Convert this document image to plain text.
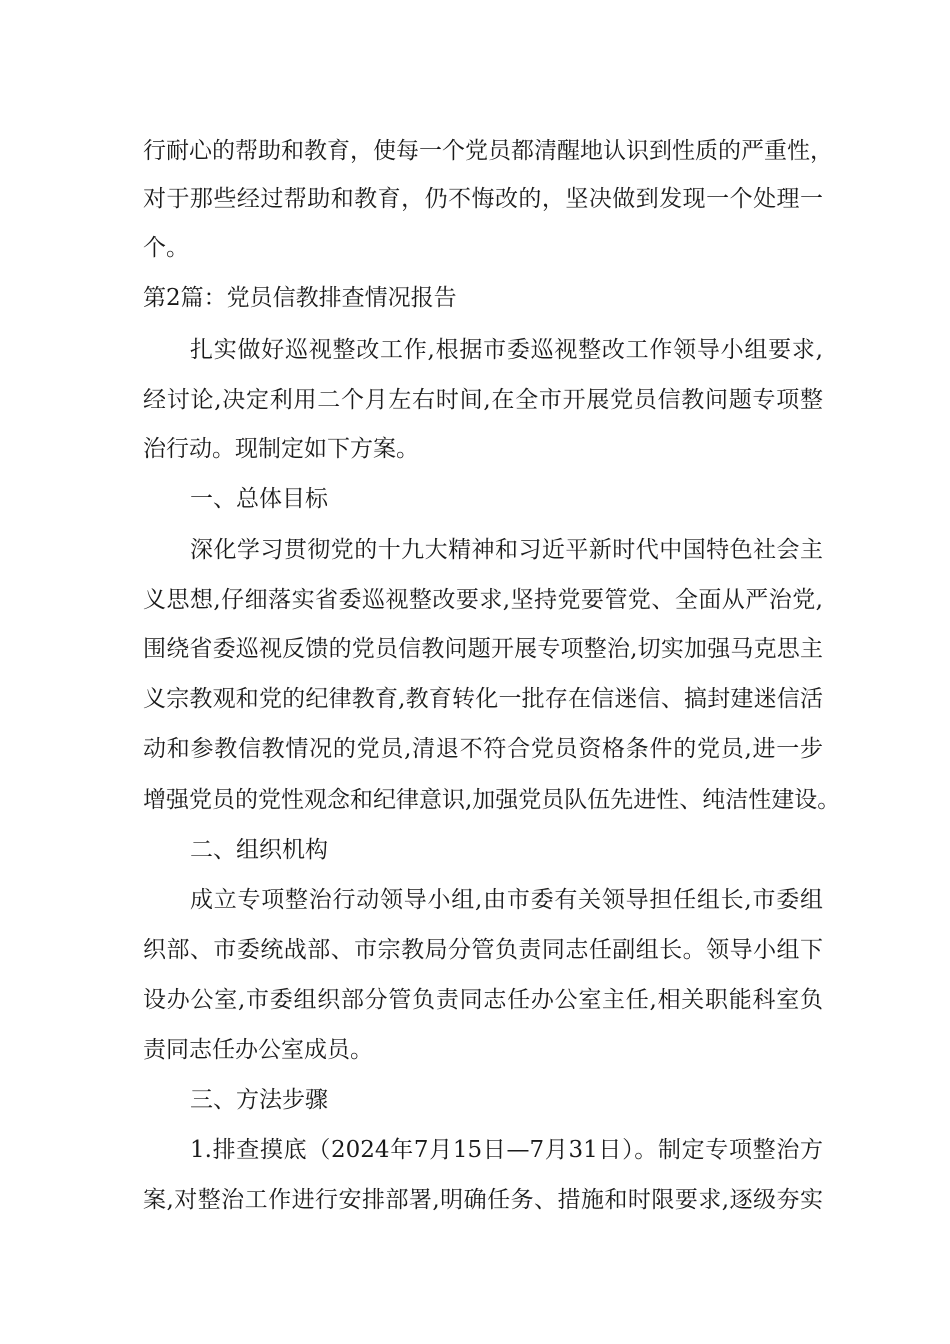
行耐心的帮助和教育，使每一个党员都清醒地认识到性质的严重性，
对于那些经过帮助和教育，仍不悔改的，坚决做到发现一个处理一
个。
第2篇：党员信教排查情况报告
扎实做好巡视整改工作,根据市委巡视整改工作领导小组要求,
经讨论,决定利用二个月左右时间,在全市开展党员信教问题专项整
治行动。现制定如下方案。
一、总体目标
深化学习贯彻党的十九大精神和习近平新时代中国特色社会主
义思想,仔细落实省委巡视整改要求,坚持党要管党、全面从严治党,
围绕省委巡视反馈的党员信教问题开展专项整治,切实加强马克思主
义宗教观和党的纪律教育,教育转化一批存在信迷信、搞封建迷信活
动和参教信教情况的党员,清退不符合党员资格条件的党员,进一步
增强党员的党性观念和纪律意识,加强党员队伍先进性、纯洁性建设。
二、组织机构
成立专项整治行动领导小组,由市委有关领导担任组长,市委组
织部、市委统战部、市宗教局分管负责同志任副组长。领导小组下
设办公室,市委组织部分管负责同志任办公室主任,相关职能科室负
责同志任办公室成员。
三、方法步骤
1.排查摸底（2024年7月15日—7月31日）。制定专项整治方
案,对整治工作进行安排部署,明确任务、措施和时限要求,逐级夯实
